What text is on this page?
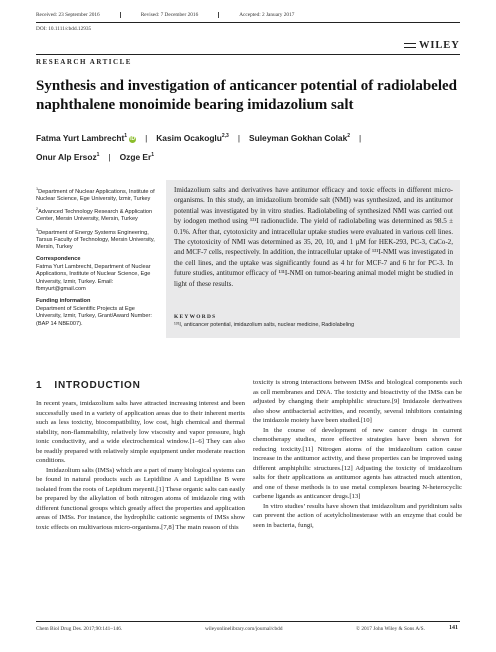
Received: 23 September 2016	Revised: 7 December 2016	Accepted: 2 January 2017
DOI: 10.1111/cbdd.12935
WILEY
RESEARCH ARTICLE
Synthesis and investigation of anticancer potential of radiolabeled naphthalene monoimide bearing imidazolium salt
Fatma Yurt Lambrecht$^1$ iD | Kasim Ocakoglu$^{2,3}$ | Suleyman Gokhan Colak$^2$ |
Onur Alp Ersoz$^1$ | Ozge Er$^1$

$^1$Department of Nuclear Applications, Institute of Nuclear Science, Ege University, Izmir, Turkey

$^2$Advanced Technology Research & Application Center, Mersin University, Mersin, Turkey

$^3$Department of Energy Systems Engineering, Tarsus Faculty of Technology, Mersin University, Mersin, Turkey

Correspondence

Fatma Yurt Lambrecht, Department of Nuclear Applications, Institute of Nuclear Science, Ege University, Izmir, Turkey. Email: fbmyurt@gmail.com

Funding information

Department of Scientific Projects at Ege University, Izmir, Turkey, Grant/Award Number: (BAP 14 NBE007).

Imidazolium salts and derivatives have antitumor efficacy and toxic effects in different micro-organisms. In this study, an imidazolium bromide salt (NMI) was synthesized, and its antitumor potential was investigated by in vitro studies. Radiolabeling of synthesized NMI was carried out by iodogen method using ¹³¹I radionuclide. The yield of radiolabeling was determined as 98.5 ± 0.1%. After that, cytotoxicity and intracellular uptake studies were evaluated in various cell lines. The cytotoxicity of NMI was determined as 35, 20, 10, and 1 µM for HEK-293, PC-3, CaCo-2, and MCF-7 cells, respectively. In addition, the intracellular uptake of ¹³¹I-NMI was investigated in the cell lines, and the uptake was significantly found as 4 hr for MCF-7 and 6 hr for PC-3. In future studies, antitumor efficacy of ¹³¹I-NMI on tumor-bearing animal model might be studied in light of these results.
KEYWORDS
¹³¹I, anticancer potential, imidazolium salts, nuclear medicine, Radiolabeling
1 INTRODUCTION

In recent years, imidazolium salts have attracted increasing interest and been successfully used in a variety of application areas due to their inherent merits such as less toxicity, biocompatibility, low cost, high chemical and thermal stability, non-flammability, relatively low viscosity and vapor pressure, high ionic conductivity, and a wide electrochemical window.[1–6] They can also be readily prepared with relatively simple equipment under moderate reaction conditions.

Imidazolium salts (IMSs) which are a part of many biological systems can be found in natural products such as Lepidiline A and Lepidiline B were isolated from the roots of Lepidium meyenii.[1] These organic salts can easily be prepared by the alkylation of both nitrogen atoms of imidazole ring with different functional groups which greatly affect the properties and application areas of IMSs. For instance, the hydrophilic cationic segments of IMSs show toxic effects on multivarious micro-organisms.[7,8] The main reason of this

toxicity is strong interactions between IMSs and biological components such as cell membranes and DNA. The toxicity and bioactivity of the IMSs can be adjusted by changing their amphiphilic structure.[9] Imidazole derivatives also show antibacterial activities, and recently, several inhibitors containing the imidazole moiety have been studied.[10]

In the course of development of new cancer drugs in current chemotherapy studies, more effective strategies have been shown for reducing toxicity.[11] Nitrogen atoms of the imidazolium cation cause increase in the antitumor activity, and these properties can be improved using different amphiphilic structures.[12] Adjusting the toxicity of imidazolium salts for their applications as antitumor agents has attracted much attention, and one of these methods is to use metal complexes bearing N-heterocyclic carbene ligands as anticancer drugs.[13]

In vitro studies’ results have shown that imidazolium and pyridinium salts can prevent the action of acetylcholinesterase with an enzyme that could be seen in bacteria, fungi,

Chem Biol Drug Des. 2017;90:141–146.	wileyonlinelibrary.com/journal/cbdd	© 2017 John Wiley & Sons A/S.	141
